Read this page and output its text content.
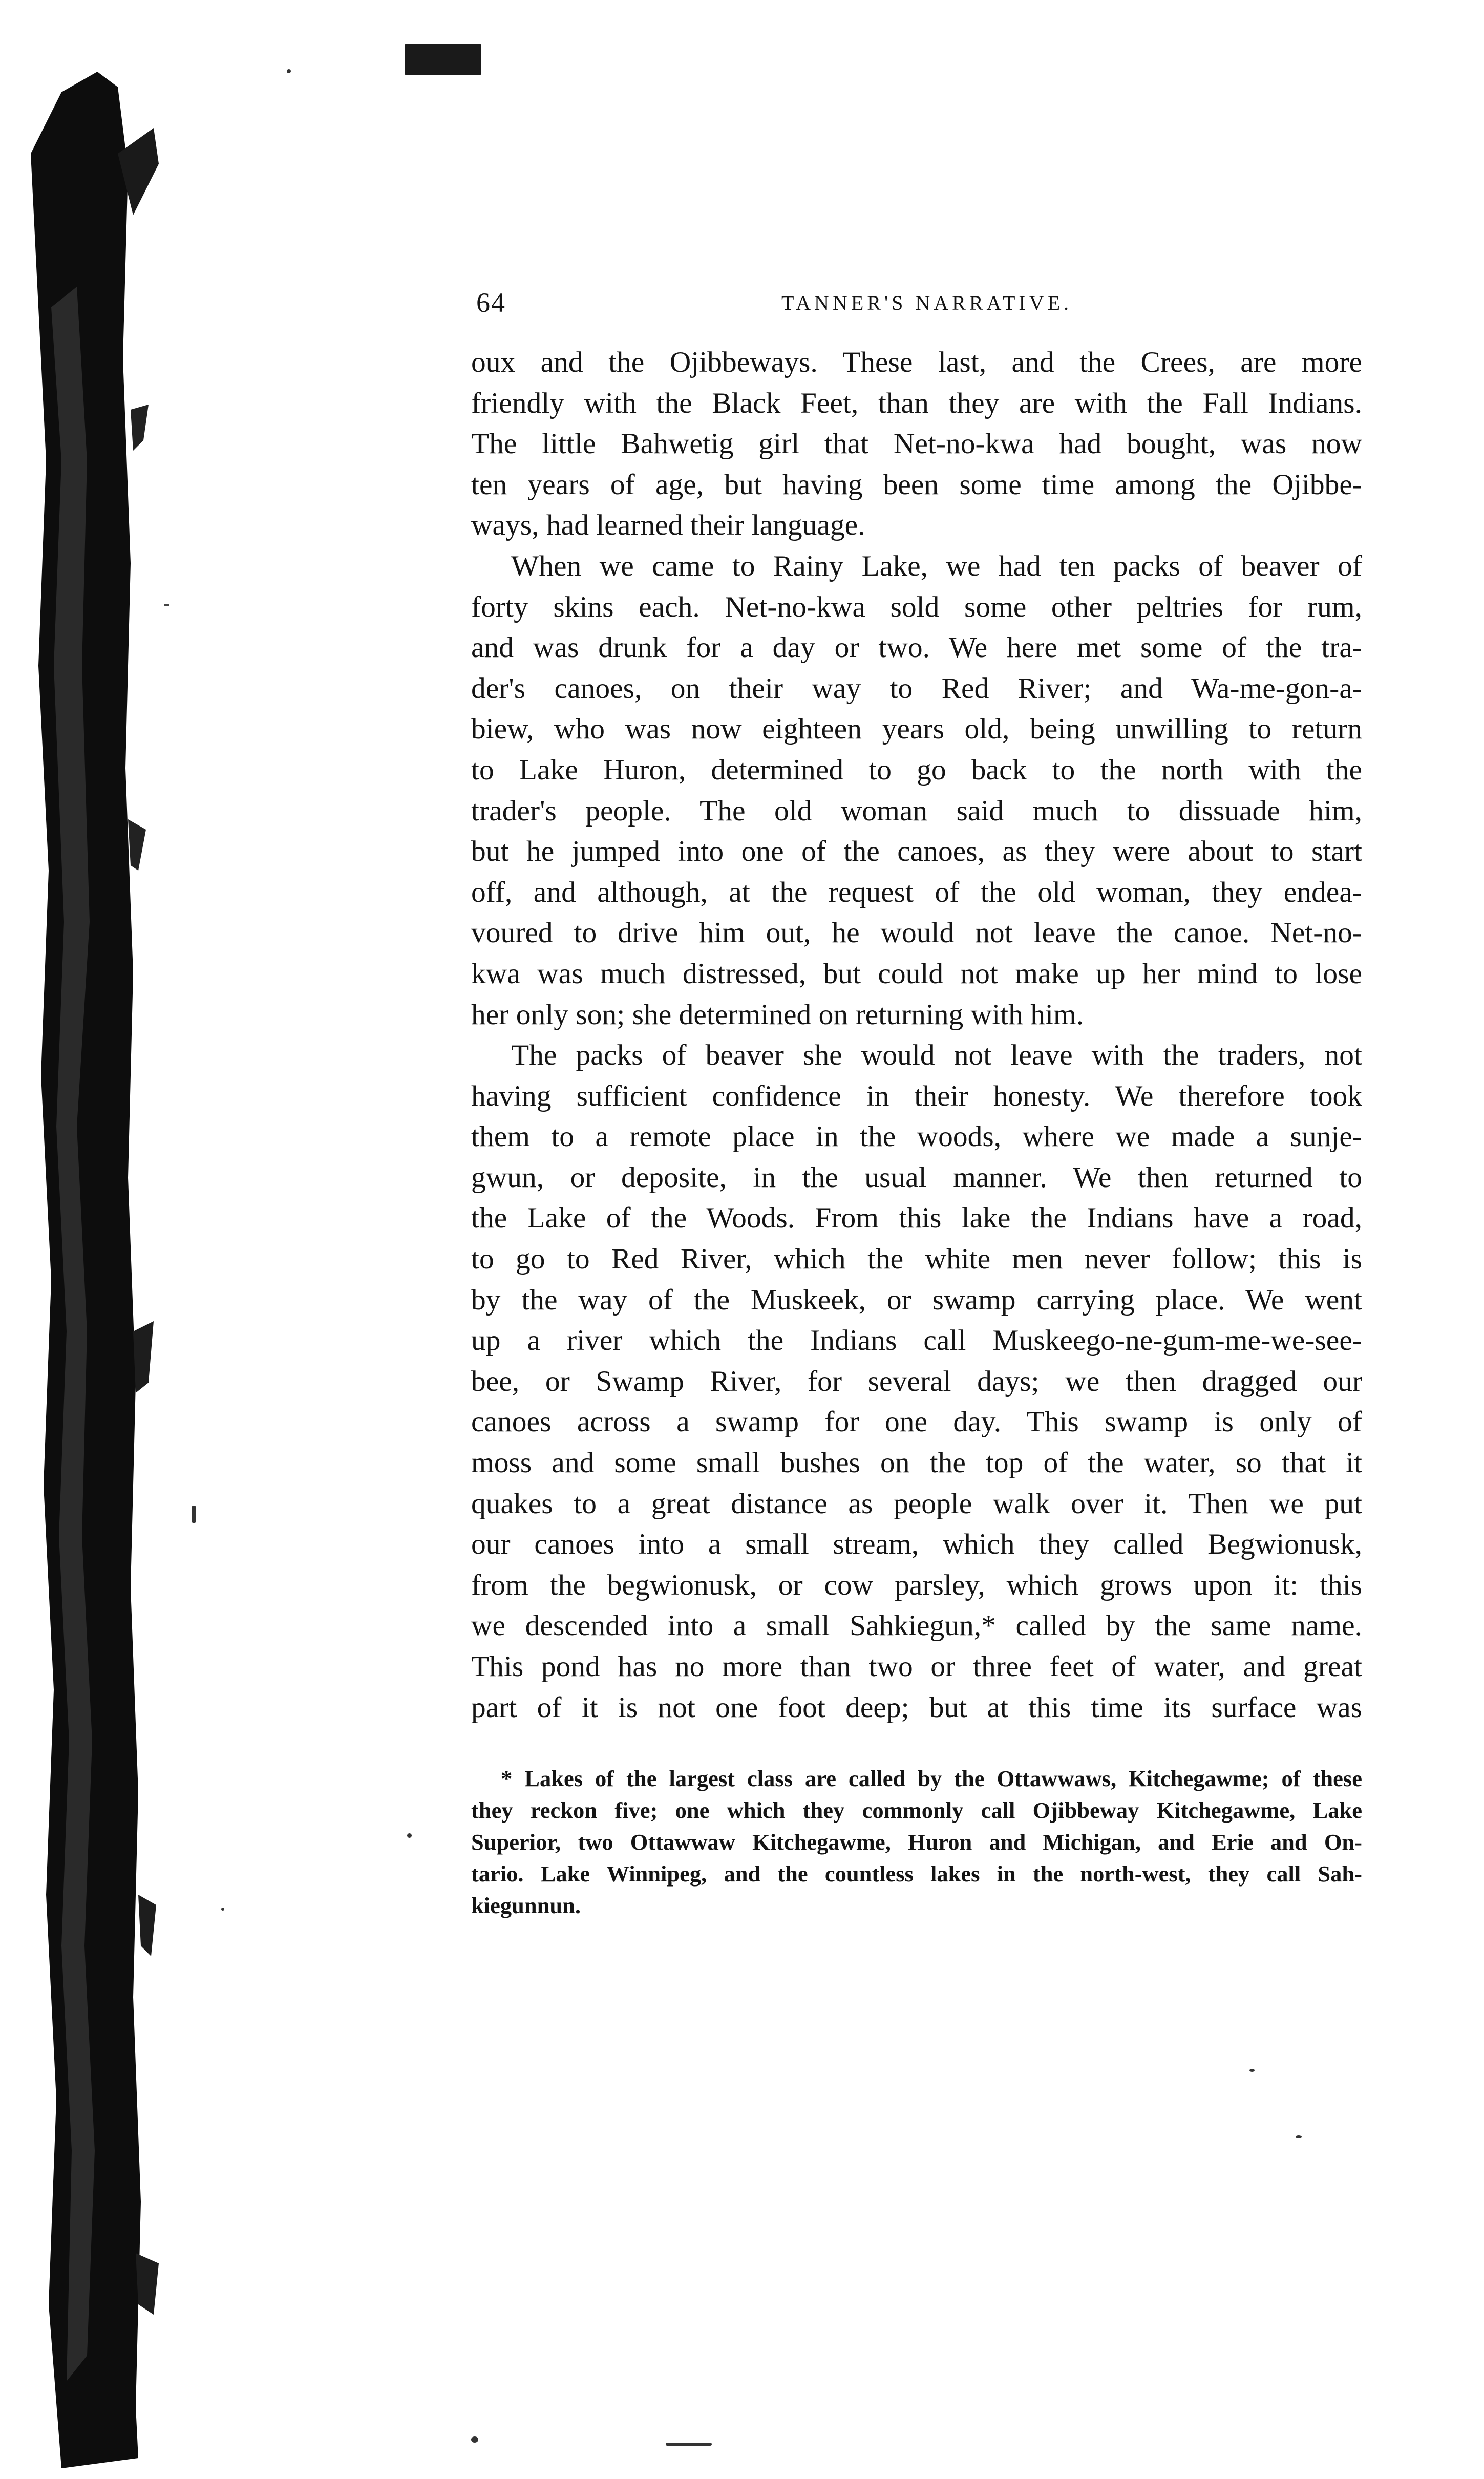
64	TANNER'S NARRATIVE.

oux and the Ojibbeways. These last, and the Crees, are more
friendly with the Black Feet, than they are with the Fall Indians.
The little Bahwetig girl that Net-no-kwa had bought, was now
ten years of age, but having been some time among the Ojibbe-
ways, had learned their language.

When we came to Rainy Lake, we had ten packs of beaver of
forty skins each. Net-no-kwa sold some other peltries for rum,
and was drunk for a day or two. We here met some of the tra-
der's canoes, on their way to Red River; and Wa-me-gon-a-
biew, who was now eighteen years old, being unwilling to return
to Lake Huron, determined to go back to the north with the
trader's people. The old woman said much to dissuade him,
but he jumped into one of the canoes, as they were about to start
off, and although, at the request of the old woman, they endea-
voured to drive him out, he would not leave the canoe. Net-no-
kwa was much distressed, but could not make up her mind to lose
her only son; she determined on returning with him.

The packs of beaver she would not leave with the traders, not
having sufficient confidence in their honesty. We therefore took
them to a remote place in the woods, where we made a sunje-
gwun, or deposite, in the usual manner. We then returned to
the Lake of the Woods. From this lake the Indians have a road,
to go to Red River, which the white men never follow; this is
by the way of the Muskeek, or swamp carrying place. We went
up a river which the Indians call Muskeego-ne-gum-me-we-see-
bee, or Swamp River, for several days; we then dragged our
canoes across a swamp for one day. This swamp is only of
moss and some small bushes on the top of the water, so that it
quakes to a great distance as people walk over it. Then we put
our canoes into a small stream, which they called Begwionusk,
from the begwionusk, or cow parsley, which grows upon it: this
we descended into a small Sahkiegun,* called by the same name.
This pond has no more than two or three feet of water, and great
part of it is not one foot deep; but at this time its surface was

* Lakes of the largest class are called by the Ottawwaws, Kitchegawme; of these
they reckon five; one which they commonly call Ojibbeway Kitchegawme, Lake
Superior, two Ottawwaw Kitchegawme, Huron and Michigan, and Erie and On-
tario. Lake Winnipeg, and the countless lakes in the north-west, they call Sah-
kiegunnun.
